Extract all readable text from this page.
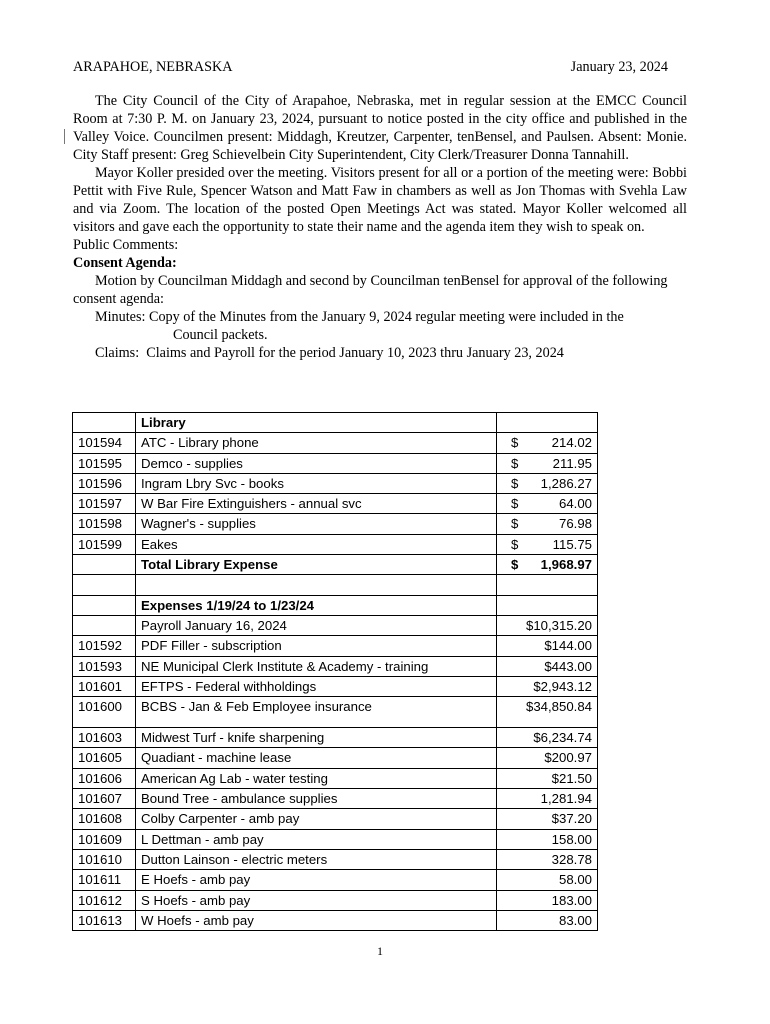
ARAPAHOE, NEBRASKA	January 23, 2024

The City Council of the City of Arapahoe, Nebraska, met in regular session at the EMCC Council Room at 7:30 P. M. on January 23, 2024, pursuant to notice posted in the city office and published in the Valley Voice. Councilmen present: Middagh, Kreutzer, Carpenter, tenBensel, and Paulsen. Absent: Monie. City Staff present: Greg Schievelbein City Superintendent, City Clerk/Treasurer Donna Tannahill.

Mayor Koller presided over the meeting. Visitors present for all or a portion of the meeting were: Bobbi Pettit with Five Rule, Spencer Watson and Matt Faw in chambers as well as Jon Thomas with Svehla Law and via Zoom. The location of the posted Open Meetings Act was stated. Mayor Koller welcomed all visitors and gave each the opportunity to state their name and the agenda item they wish to speak on.

Public Comments:

Consent Agenda:

Motion by Councilman Middagh and second by Councilman tenBensel for approval of the following consent agenda:

Minutes: Copy of the Minutes from the January 9, 2024 regular meeting were included in the
Council packets.

Claims:  Claims and Payroll for the period January 10, 2023 thru January 23, 2024

	Library	
101594	ATC - Library phone	$ 214.02
101595	Demco - supplies	$ 211.95
101596	Ingram Lbry Svc - books	$ 1,286.27
101597	W Bar Fire Extinguishers - annual svc	$ 64.00
101598	Wagner's - supplies	$ 76.98
101599	Eakes	$ 115.75
	Total Library Expense	$ 1,968.97

	Expenses 1/19/24 to 1/23/24	
	Payroll January 16, 2024	$10,315.20
101592	PDF Filler - subscription	$144.00
101593	NE Municipal Clerk Institute & Academy - training	$443.00
101601	EFTPS - Federal withholdings	$2,943.12
101600	BCBS - Jan & Feb Employee insurance	$34,850.84
101603	Midwest Turf - knife sharpening	$6,234.74
101605	Quadiant - machine lease	$200.97
101606	American Ag Lab - water testing	$21.50
101607	Bound Tree - ambulance supplies	1,281.94
101608	Colby Carpenter - amb pay	$37.20
101609	L Dettman - amb pay	158.00
101610	Dutton Lainson - electric meters	328.78
101611	E Hoefs - amb pay	58.00
101612	S Hoefs - amb pay	183.00
101613	W Hoefs - amb pay	83.00
1
